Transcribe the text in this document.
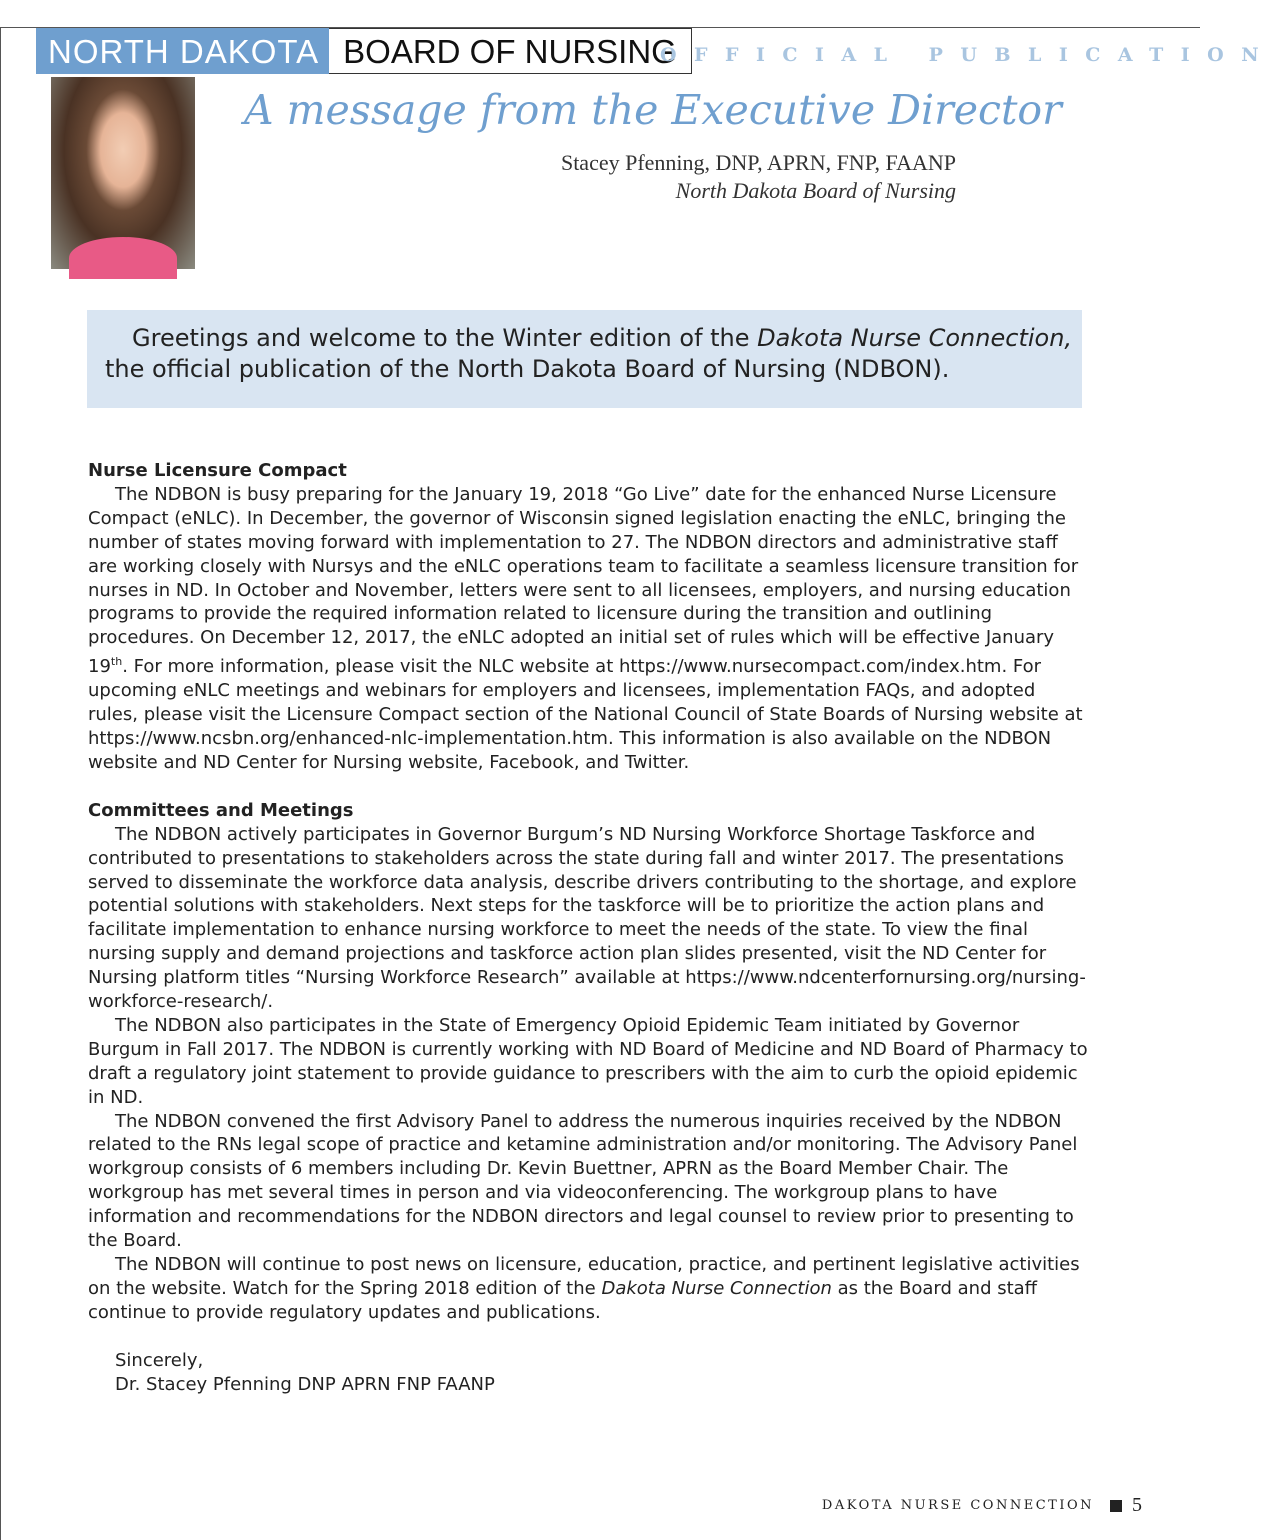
NORTH DAKOTA BOARD OF NURSING
OFFICIAL PUBLICATION
A message from the Executive Director
Stacey Pfenning, DNP, APRN, FNP, FAANP
North Dakota Board of Nursing
Greetings and welcome to the Winter edition of the Dakota Nurse Connection,
the official publication of the North Dakota Board of Nursing (NDBON).
Nurse Licensure Compact

The NDBON is busy preparing for the January 19, 2018 “Go Live” date for the enhanced Nurse Licensure Compact (eNLC). In December, the governor of Wisconsin signed legislation enacting the eNLC, bringing the number of states moving forward with implementation to 27. The NDBON directors and administrative staff are working closely with Nursys and the eNLC operations team to facilitate a seamless licensure transition for nurses in ND. In October and November, letters were sent to all licensees, employers, and nursing education programs to provide the required information related to licensure during the transition and outlining procedures. On December 12, 2017, the eNLC adopted an initial set of rules which will be effective January 19th. For more information, please visit the NLC website at https://www.nursecompact.com/index.htm. For upcoming eNLC meetings and webinars for employers and licensees, implementation FAQs, and adopted rules, please visit the Licensure Compact section of the National Council of State Boards of Nursing website at https://www.ncsbn.org/enhanced-nlc-implementation.htm. This information is also available on the NDBON website and ND Center for Nursing website, Facebook, and Twitter.

Committees and Meetings

The NDBON actively participates in Governor Burgum’s ND Nursing Workforce Shortage Taskforce and contributed to presentations to stakeholders across the state during fall and winter 2017. The presentations served to disseminate the workforce data analysis, describe drivers contributing to the shortage, and explore potential solutions with stakeholders. Next steps for the taskforce will be to prioritize the action plans and facilitate implementation to enhance nursing workforce to meet the needs of the state. To view the final nursing supply and demand projections and taskforce action plan slides presented, visit the ND Center for Nursing platform titles “Nursing Workforce Research” available at https://www.ndcenterfornursing.org/nursing-workforce-research/.

The NDBON also participates in the State of Emergency Opioid Epidemic Team initiated by Governor Burgum in Fall 2017. The NDBON is currently working with ND Board of Medicine and ND Board of Pharmacy to draft a regulatory joint statement to provide guidance to prescribers with the aim to curb the opioid epidemic in ND.

The NDBON convened the first Advisory Panel to address the numerous inquiries received by the NDBON related to the RNs legal scope of practice and ketamine administration and/or monitoring. The Advisory Panel workgroup consists of 6 members including Dr. Kevin Buettner, APRN as the Board Member Chair. The workgroup has met several times in person and via videoconferencing. The workgroup plans to have information and recommendations for the NDBON directors and legal counsel to review prior to presenting to the Board.

The NDBON will continue to post news on licensure, education, practice, and pertinent legislative activities on the website. Watch for the Spring 2018 edition of the Dakota Nurse Connection as the Board and staff continue to provide regulatory updates and publications.

Sincerely,
Dr. Stacey Pfenning DNP APRN FNP FAANP
DAKOTA NURSE CONNECTION 5
